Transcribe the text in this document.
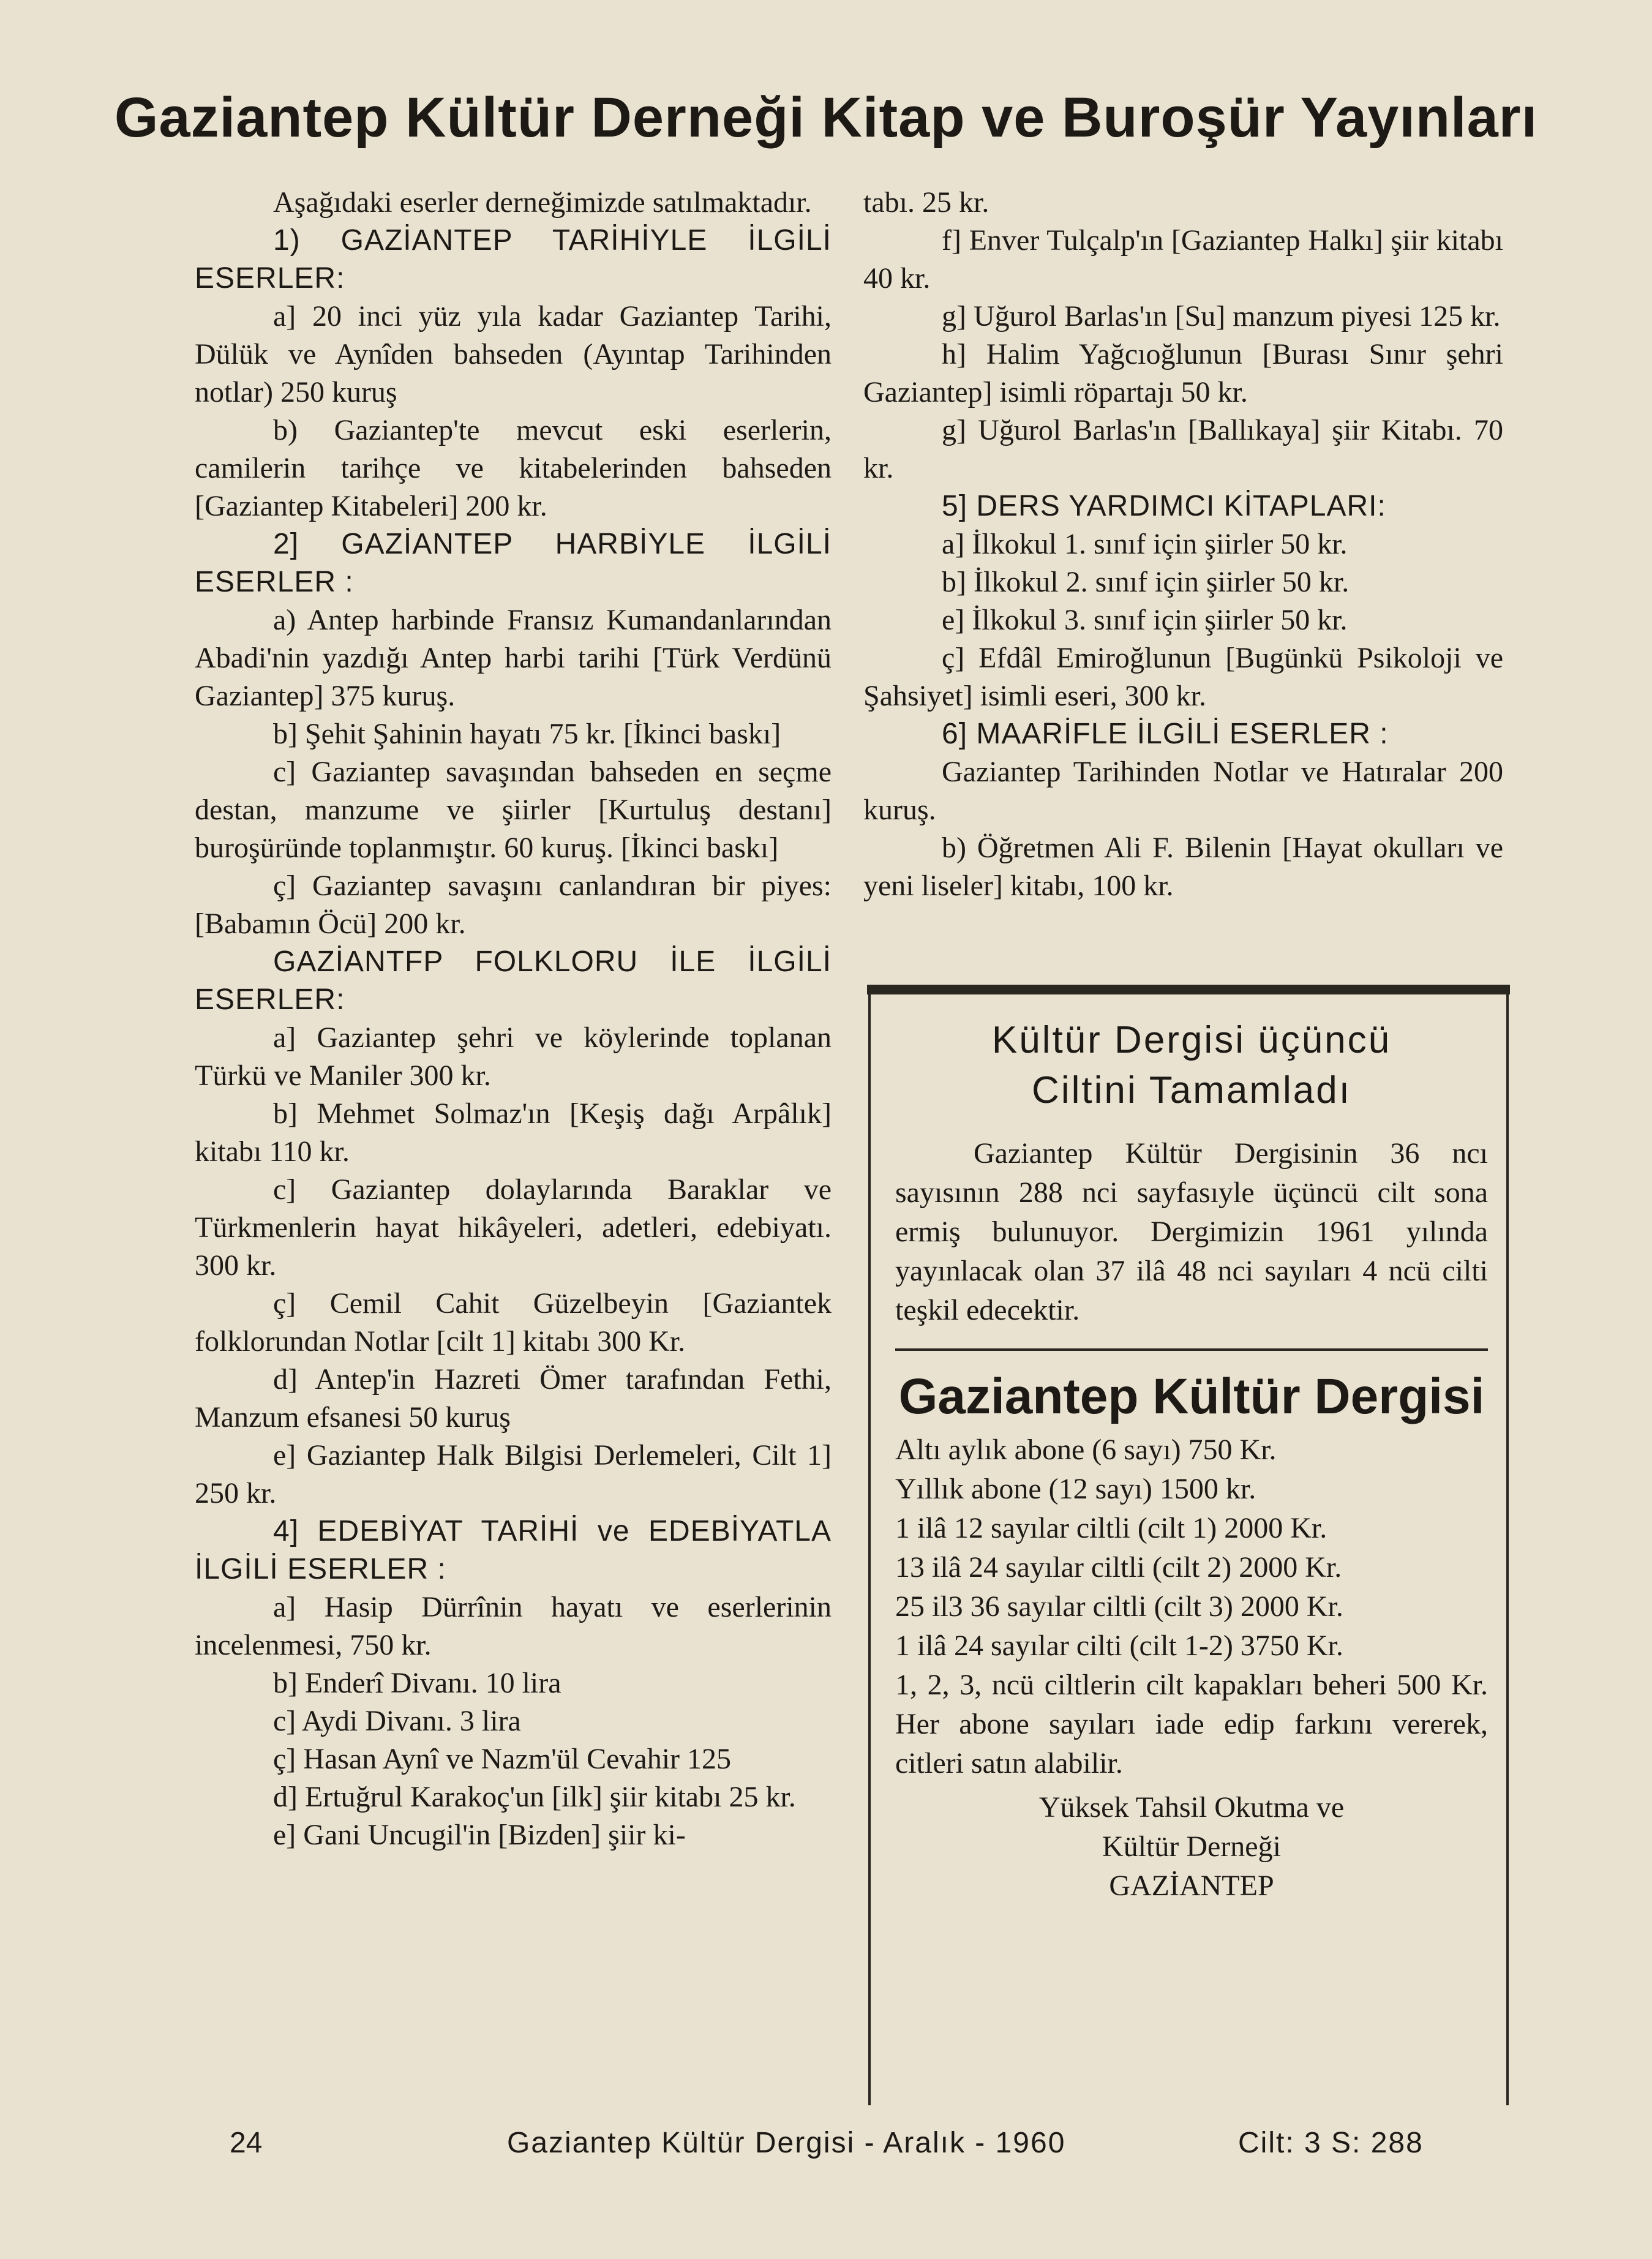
Gaziantep Kültür Derneği Kitap ve Buroşür Yayınları

Aşağıdaki eserler derneğimizde satılmaktadır.

1) GAZİANTEP TARİHİYLE İLGİLİ ESERLER:

a] 20 inci yüz yıla kadar Gaziantep Tarihi, Dülük ve Aynîden bahseden (Ayıntap Tarihinden notlar) 250 kuruş

b) Gaziantep'te mevcut eski eserlerin, camilerin tarihçe ve kitabelerinden bahseden [Gaziantep Kitabeleri] 200 kr.

2] GAZİANTEP HARBİYLE İLGİLİ ESERLER :

a) Antep harbinde Fransız Kumandanlarından Abadi'nin yazdığı Antep harbi tarihi [Türk Verdünü Gaziantep] 375 kuruş.

b] Şehit Şahinin hayatı 75 kr. [İkinci baskı]

c] Gaziantep savaşından bahseden en seçme destan, manzume ve şiirler [Kurtuluş destanı] buroşüründe toplanmıştır. 60 kuruş. [İkinci baskı]

ç] Gaziantep savaşını canlandıran bir piyes: [Babamın Öcü] 200 kr.

GAZİANTFP FOLKLORU İLE İLGİLİ ESERLER:

a] Gaziantep şehri ve köylerinde toplanan Türkü ve Maniler 300 kr.

b] Mehmet Solmaz'ın [Keşiş dağı Arpâlık] kitabı 110 kr.

c] Gaziantep dolaylarında Baraklar ve Türkmenlerin hayat hikâyeleri, adetleri, edebiyatı. 300 kr.

ç] Cemil Cahit Güzelbeyin [Gaziantek folklorundan Notlar [cilt 1] kitabı 300 Kr.

d] Antep'in Hazreti Ömer tarafından Fethi, Manzum efsanesi 50 kuruş

e] Gaziantep Halk Bilgisi Derlemeleri, Cilt 1] 250 kr.

4] EDEBİYAT TARİHİ ve EDEBİYATLA İLGİLİ ESERLER :

a] Hasip Dürrînin hayatı ve eserlerinin incelenmesi, 750 kr.

b] Enderî Divanı. 10 lira

c] Aydi Divanı. 3 lira

ç] Hasan Aynî ve Nazm'ül Cevahir 125

d] Ertuğrul Karakoç'un [ilk] şiir kitabı 25 kr.

e] Gani Uncugil'in [Bizden] şiir ki-

tabı. 25 kr.

f] Enver Tulçalp'ın [Gaziantep Halkı] şiir kitabı 40 kr.

g] Uğurol Barlas'ın [Su] manzum piyesi 125 kr.

h] Halim Yağcıoğlunun [Burası Sınır şehri Gaziantep] isimli röpartajı 50 kr.

g] Uğurol Barlas'ın [Ballıkaya] şiir Kitabı. 70 kr.

5] DERS YARDIMCI KİTAPLARI:

a] İlkokul 1. sınıf için şiirler 50 kr.

b] İlkokul 2. sınıf için şiirler 50 kr.

e] İlkokul 3. sınıf için şiirler 50 kr.

ç] Efdâl Emiroğlunun [Bugünkü Psikoloji ve Şahsiyet] isimli eseri, 300 kr.

6] MAARİFLE İLGİLİ ESERLER :

Gaziantep Tarihinden Notlar ve Hatıralar 200 kuruş.

b) Öğretmen Ali F. Bilenin [Hayat okulları ve yeni liseler] kitabı, 100 kr.

Kültür Dergisi üçüncü

Ciltini Tamamladı

Gaziantep Kültür Dergisinin 36 ncı sayısının 288 nci sayfasıyle üçüncü cilt sona ermiş bulunuyor. Dergimizin 1961 yılında yayınlacak olan 37 ilâ 48 nci sayıları 4 ncü cilti teşkil edecektir.

Gaziantep Kültür Dergisi

Altı aylık abone (6 sayı) 750 Kr.
Yıllık abone (12 sayı) 1500 kr.
1 ilâ 12 sayılar ciltli (cilt 1) 2000 Kr.
13 ilâ 24 sayılar ciltli (cilt 2) 2000 Kr.
25 il3 36 sayılar ciltli (cilt 3) 2000 Kr.
1 ilâ 24 sayılar cilti (cilt 1-2) 3750 Kr.

1, 2, 3, ncü ciltlerin cilt kapakları beheri 500 Kr. Her abone sayıları iade edip farkını vererek, citleri satın alabilir.

Yüksek Tahsil Okutma ve

Kültür Derneği

GAZİANTEP

24	Gaziantep Kültür Dergisi - Aralık - 1960	Cilt: 3 S: 288
